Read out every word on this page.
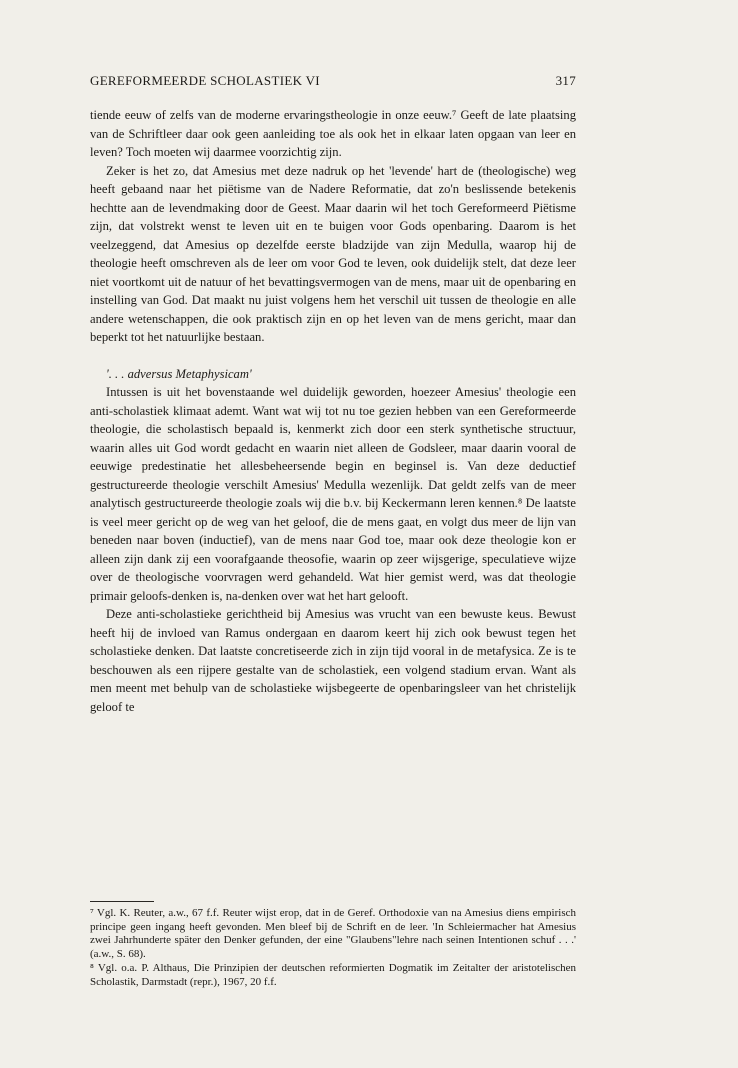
GEREFORMEERDE SCHOLASTIEK VI	317

tiende eeuw of zelfs van de moderne ervaringstheologie in onze eeuw.⁷ Geeft de late plaatsing van de Schriftleer daar ook geen aanleiding toe als ook het in elkaar laten opgaan van leer en leven? Toch moeten wij daarmee voorzichtig zijn.

Zeker is het zo, dat Amesius met deze nadruk op het 'levende' hart de (theologische) weg heeft gebaand naar het piëtisme van de Nadere Reformatie, dat zo'n beslissende betekenis hechtte aan de levendmaking door de Geest. Maar daarin wil het toch Gereformeerd Piëtisme zijn, dat volstrekt wenst te leven uit en te buigen voor Gods openbaring. Daarom is het veelzeggend, dat Amesius op dezelfde eerste bladzijde van zijn Medulla, waarop hij de theologie heeft omschreven als de leer om voor God te leven, ook duidelijk stelt, dat deze leer niet voortkomt uit de natuur of het bevattingsvermogen van de mens, maar uit de openbaring en instelling van God. Dat maakt nu juist volgens hem het verschil uit tussen de theologie en alle andere wetenschappen, die ook praktisch zijn en op het leven van de mens gericht, maar dan beperkt tot het natuurlijke bestaan.

'. . . adversus Metaphysicam'

Intussen is uit het bovenstaande wel duidelijk geworden, hoezeer Amesius' theologie een anti-scholastiek klimaat ademt. Want wat wij tot nu toe gezien hebben van een Gereformeerde theologie, die scholastisch bepaald is, kenmerkt zich door een sterk synthetische structuur, waarin alles uit God wordt gedacht en waarin niet alleen de Godsleer, maar daarin vooral de eeuwige predestinatie het allesbeheersende begin en beginsel is. Van deze deductief gestructureerde theologie verschilt Amesius' Medulla wezenlijk. Dat geldt zelfs van de meer analytisch gestructureerde theologie zoals wij die b.v. bij Keckermann leren kennen.⁸ De laatste is veel meer gericht op de weg van het geloof, die de mens gaat, en volgt dus meer de lijn van beneden naar boven (inductief), van de mens naar God toe, maar ook deze theologie kon er alleen zijn dank zij een voorafgaande theosofie, waarin op zeer wijsgerige, speculatieve wijze over de theologische voorvragen werd gehandeld. Wat hier gemist werd, was dat theologie primair geloofs-denken is, na-denken over wat het hart gelooft.

Deze anti-scholastieke gerichtheid bij Amesius was vrucht van een bewuste keus. Bewust heeft hij de invloed van Ramus ondergaan en daarom keert hij zich ook bewust tegen het scholastieke denken. Dat laatste concretiseerde zich in zijn tijd vooral in de metafysica. Ze is te beschouwen als een rijpere gestalte van de scholastiek, een volgend stadium ervan. Want als men meent met behulp van de scholastieke wijsbegeerte de openbaringsleer van het christelijk geloof te

⁷ Vgl. K. Reuter, a.w., 67 f.f. Reuter wijst erop, dat in de Geref. Orthodoxie van na Amesius diens empirisch principe geen ingang heeft gevonden. Men bleef bij de Schrift en de leer. 'In Schleiermacher hat Amesius zwei Jahrhunderte später den Denker gefunden, der eine "Glaubens"lehre nach seinen Intentionen schuf . . .' (a.w., S. 68).

⁸ Vgl. o.a. P. Althaus, Die Prinzipien der deutschen reformierten Dogmatik im Zeitalter der aristotelischen Scholastik, Darmstadt (repr.), 1967, 20 f.f.
